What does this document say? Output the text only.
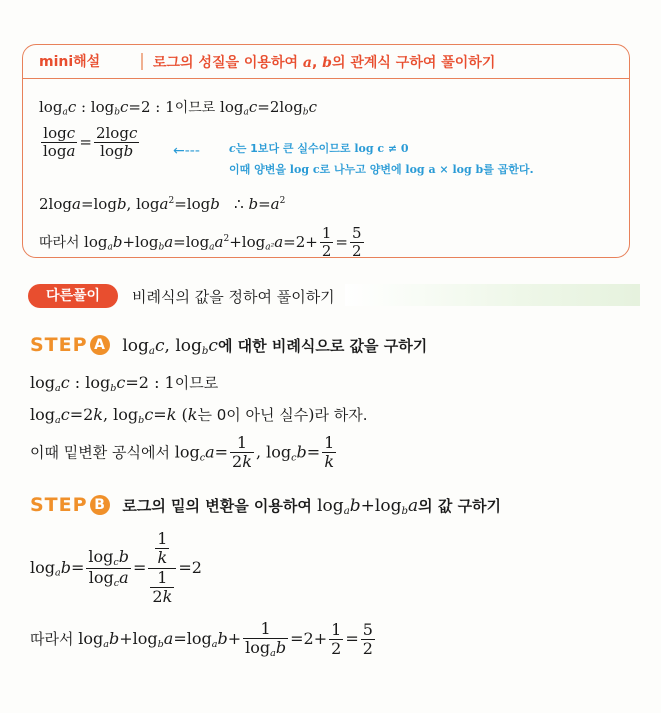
mini해설	로그의 성질을 이용하여 a, b의 관계식 구하여 풀이하기
$\log_ac$ : $\log_bc=2$ : 1이므로 $\log_ac=2\log_bc$
$\frac{\log c}{\log a} = \frac{2\log c}{\log b}$ ←---	c는 1보다 큰 실수이므로 log c ≠ 0
이때 양변을 log c로 나누고 양변에 log a × log b를 곱한다.
2loga=logb, loga$^2$=logb ∴ $b=a^2$
따라서 $\log_ab+\log_ba=\log_aa^2+\log_{a^2}a=2+ \frac{1}{2} = \frac{5}{2}$
다른풀이	비례식의 값을 정하여 풀이하기
STEP A $\log_ac$, $\log_bc$에 대한 비례식으로 값을 구하기
$\log_ac$ : $\log_bc=2$ : 1이므로
$\log_ac=2k$, $\log_bc=k$ (k는 0이 아닌 실수)라 하자.
이때 밑변환 공식에서 $\log_ca= \frac{1}{2k}$ , $\log_cb= \frac{1}{k}$
STEP B 로그의 밑의 변환을 이용하여 $\log_ab+\log_ba$의 값 구하기
$\log_ab= \frac{\log_cb}{\log_ca} = \frac{\frac{1}{k}}{\frac{1}{2k}} =2$
따라서 $\log_ab+\log_ba=\log_ab+ \frac{1}{\log_ab} =2+ \frac{1}{2} = \frac{5}{2}$
